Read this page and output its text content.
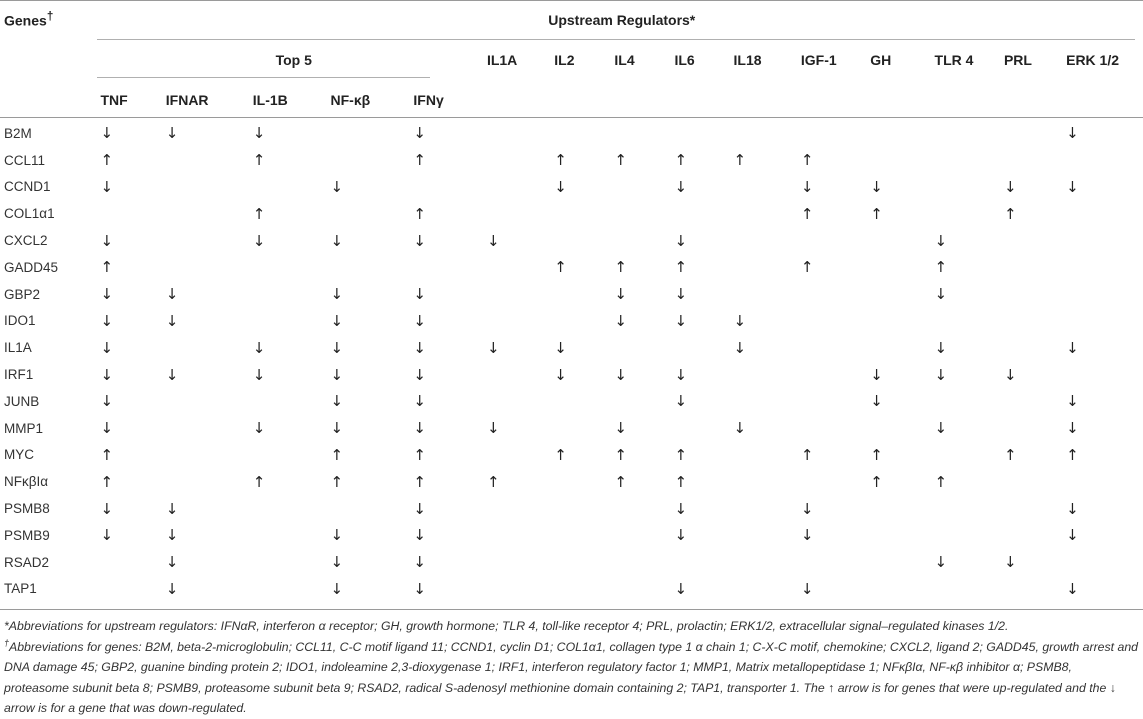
Genes†	Upstream Regulators*														
	Top 5					IL1A	IL2	IL4	IL6	IL18	IGF-1	GH	TLR 4	PRL	ERK 1/2
	TNF	IFNAR	IL-1B	NF-κβ	IFNγ										
B2M	↓	↓	↓		↓										↓
CCL11	↑		↑		↑		↑	↑	↑	↑	↑				
CCND1	↓			↓			↓		↓		↓	↓		↓	↓
COL1α1			↑		↑						↑	↑		↑	
CXCL2	↓		↓	↓	↓	↓			↓				↓		
GADD45	↑						↑	↑	↑		↑		↑		
GBP2	↓	↓		↓	↓			↓	↓				↓		
IDO1	↓	↓		↓	↓			↓	↓	↓					
IL1A	↓		↓	↓	↓	↓	↓			↓			↓		↓
IRF1	↓	↓	↓	↓	↓		↓	↓	↓			↓	↓	↓	
JUNB	↓			↓	↓				↓			↓			↓
MMP1	↓		↓	↓	↓	↓		↓		↓			↓		↓
MYC	↑			↑	↑		↑	↑	↑		↑	↑		↑	↑
NFκβIα	↑		↑	↑	↑	↑		↑	↑			↑	↑		
PSMB8	↓	↓			↓				↓		↓				↓
PSMB9	↓	↓		↓	↓				↓		↓				↓
RSAD2		↓		↓	↓								↓	↓	
TAP1		↓		↓	↓				↓		↓				↓

*Abbreviations for upstream regulators: IFNαR, interferon α receptor; GH, growth hormone; TLR 4, toll-like receptor 4; PRL, prolactin; ERK1/2, extracellular signal–regulated kinases 1/2.

†Abbreviations for genes: B2M, beta-2-microglobulin; CCL11, C-C motif ligand 11; CCND1, cyclin D1; COL1α1, collagen type 1 α chain 1; C-X-C motif, chemokine; CXCL2, ligand 2; GADD45, growth arrest and DNA damage 45; GBP2, guanine binding protein 2; IDO1, indoleamine 2,3-dioxygenase 1; IRF1, interferon regulatory factor 1; MMP1, Matrix metallopeptidase 1; NFκβIα, NF-κβ inhibitor α; PSMB8, proteasome subunit beta 8; PSMB9, proteasome subunit beta 9; RSAD2, radical S-adenosyl methionine domain containing 2; TAP1, transporter 1. The ↑ arrow is for genes that were up-regulated and the ↓ arrow is for a gene that was down-regulated.
